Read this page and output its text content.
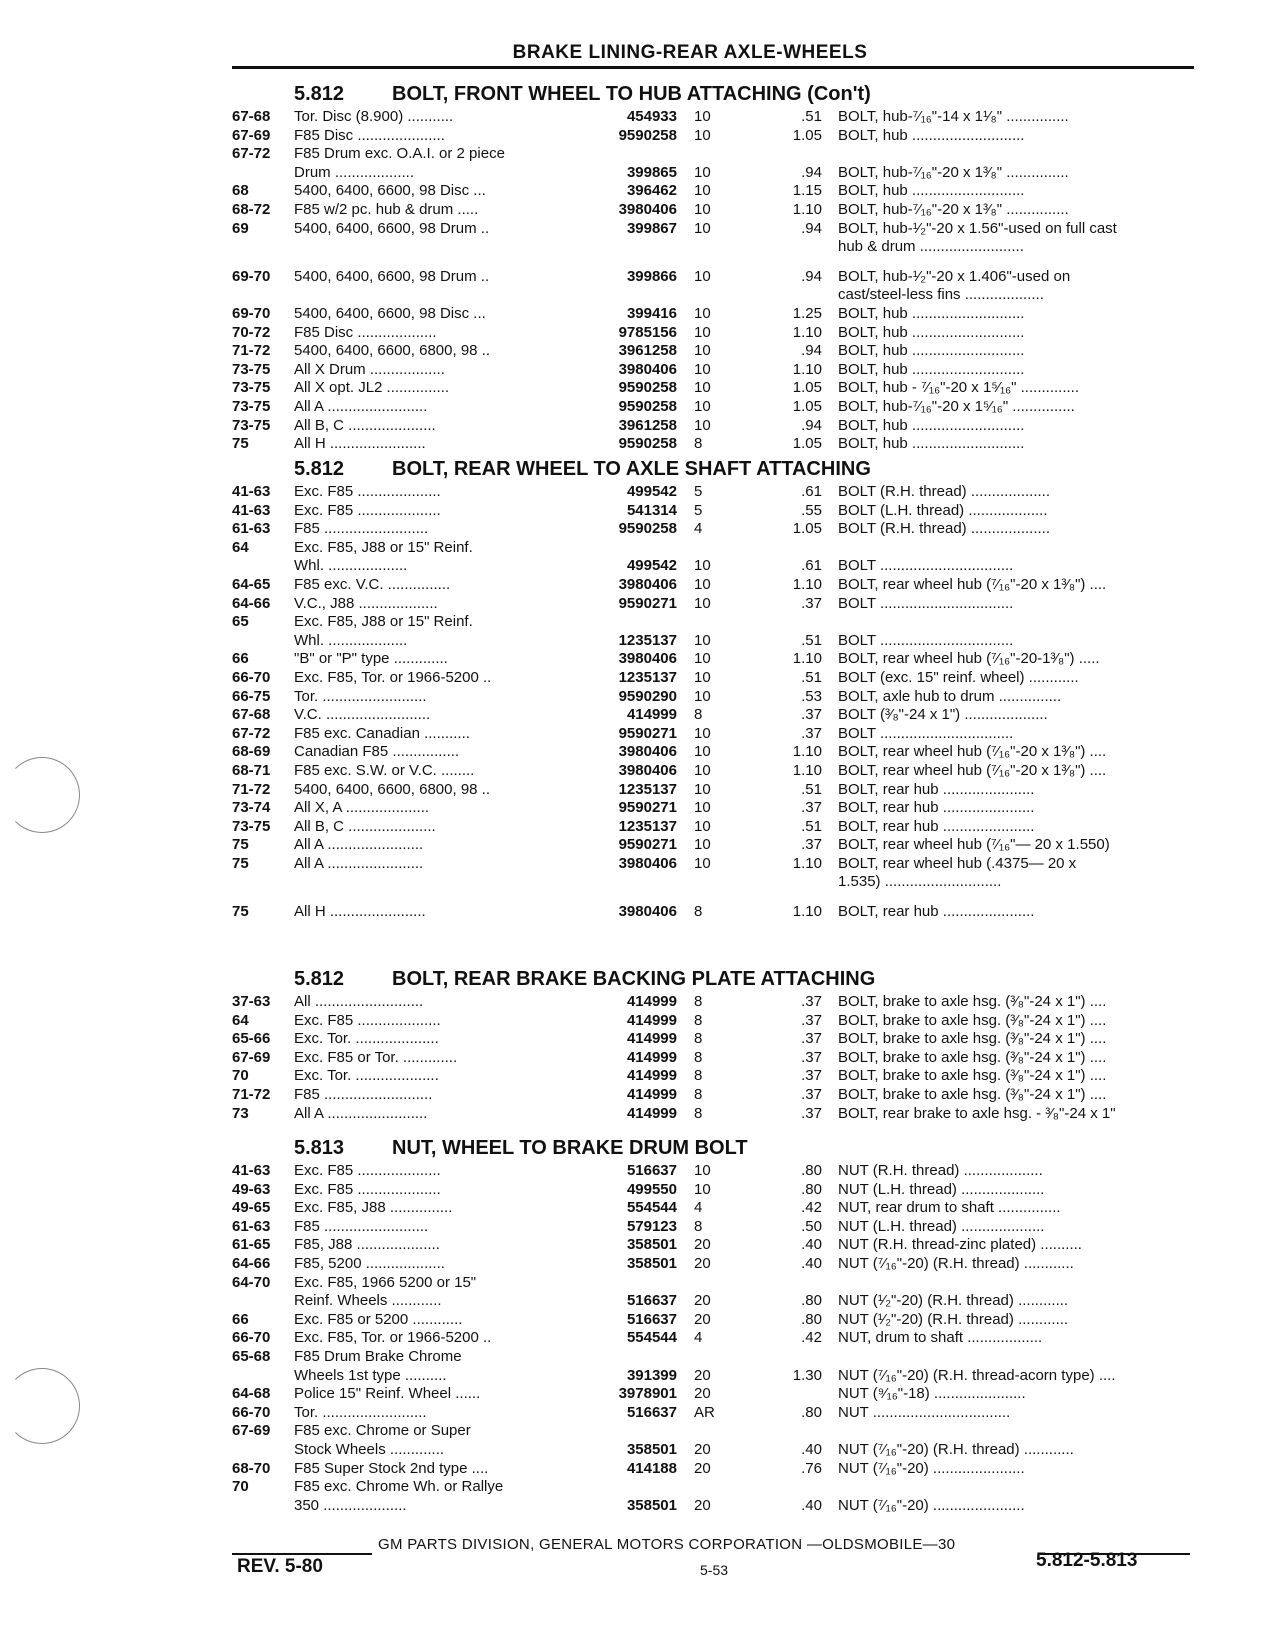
BRAKE LINING-REAR AXLE-WHEELS
5.812 BOLT, FRONT WHEEL TO HUB ATTACHING (Con't)
67-68	Tor. Disc (8.900) ...........	454933 10	.51 BOLT, hub-⁷⁄₁₆"-14 x 1¹⁄₈" ...............
67-69	F85 Disc .....................	9590258 10	1.05 BOLT, hub ...........................
67-72	F85 Drum exc. O.A.I. or 2 piece
Drum ...................	399865 10	.94 BOLT, hub-⁷⁄₁₆"-20 x 1³⁄₈" ...............
68	5400, 6400, 6600, 98 Disc ...	396462 10	1.15 BOLT, hub ...........................
68-72	F85 w/2 pc. hub & drum .....	3980406 10	1.10 BOLT, hub-⁷⁄₁₆"-20 x 1³⁄₈" ...............
69	5400, 6400, 6600, 98 Drum ..	399867 10	.94 BOLT, hub-¹⁄₂"-20 x 1.56"-used on full cast
hub & drum .........................
69-70	5400, 6400, 6600, 98 Drum ..	399866 10	.94 BOLT, hub-¹⁄₂"-20 x 1.406"-used on
cast/steel-less fins ...................
69-70	5400, 6400, 6600, 98 Disc ...	399416 10	1.25 BOLT, hub ...........................
70-72	F85 Disc ...................	9785156 10	1.10 BOLT, hub ...........................
71-72	5400, 6400, 6600, 6800, 98 ..	3961258 10	.94 BOLT, hub ...........................
73-75	All X Drum ..................	3980406 10	1.10 BOLT, hub ...........................
73-75	All X opt. JL2 ...............	9590258 10	1.05 BOLT, hub - ⁷⁄₁₆"-20 x 1⁵⁄₁₆" ..............
73-75	All A ........................	9590258 10	1.05 BOLT, hub-⁷⁄₁₆"-20 x 1⁵⁄₁₆" ...............
73-75	All B, C .....................	3961258 10	.94 BOLT, hub ...........................
75	All H .......................	9590258 8	1.05 BOLT, hub ...........................
5.812 BOLT, REAR WHEEL TO AXLE SHAFT ATTACHING
41-63	Exc. F85 ....................	499542 5	.61 BOLT (R.H. thread) ...................
41-63	Exc. F85 ....................	541314 5	.55 BOLT (L.H. thread) ...................
61-63	F85 .........................	9590258 4	1.05 BOLT (R.H. thread) ...................
64	Exc. F85, J88 or 15" Reinf.
Whl. ...................	499542 10	.61 BOLT ................................
64-65	F85 exc. V.C. ...............	3980406 10	1.10 BOLT, rear wheel hub (⁷⁄₁₆"-20 x 1³⁄₈") ....
64-66	V.C., J88 ...................	9590271 10	.37 BOLT ................................
65	Exc. F85, J88 or 15" Reinf.
Whl. ...................	1235137 10	.51 BOLT ................................
66	"B" or "P" type .............	3980406 10	1.10 BOLT, rear wheel hub (⁷⁄₁₆"-20-1³⁄₈") .....
66-70	Exc. F85, Tor. or 1966-5200 ..	1235137 10	.51 BOLT (exc. 15" reinf. wheel) ............
66-75	Tor. .........................	9590290 10	.53 BOLT, axle hub to drum ...............
67-68	V.C. .........................	414999 8	.37 BOLT (³⁄₈"-24 x 1") ....................
67-72	F85 exc. Canadian ...........	9590271 10	.37 BOLT ................................
68-69	Canadian F85 ................	3980406 10	1.10 BOLT, rear wheel hub (⁷⁄₁₆"-20 x 1³⁄₈") ....
68-71	F85 exc. S.W. or V.C. ........	3980406 10	1.10 BOLT, rear wheel hub (⁷⁄₁₆"-20 x 1³⁄₈") ....
71-72	5400, 6400, 6600, 6800, 98 ..	1235137 10	.51 BOLT, rear hub ......................
73-74	All X, A ....................	9590271 10	.37 BOLT, rear hub ......................
73-75	All B, C .....................	1235137 10	.51 BOLT, rear hub ......................
75	All A .......................	9590271 10	.37 BOLT, rear wheel hub (⁷⁄₁₆"— 20 x 1.550)
75	All A .......................	3980406 10	1.10 BOLT, rear wheel hub (.4375— 20 x
1.535) ............................
75	All H .......................	3980406 8	1.10 BOLT, rear hub ......................
5.812 BOLT, REAR BRAKE BACKING PLATE ATTACHING
37-63	All ..........................	414999 8	.37 BOLT, brake to axle hsg. (³⁄₈"-24 x 1") ....
64	Exc. F85 ....................	414999 8	.37 BOLT, brake to axle hsg. (³⁄₈"-24 x 1") ....
65-66	Exc. Tor. ....................	414999 8	.37 BOLT, brake to axle hsg. (³⁄₈"-24 x 1") ....
67-69	Exc. F85 or Tor. .............	414999 8	.37 BOLT, brake to axle hsg. (³⁄₈"-24 x 1") ....
70	Exc. Tor. ....................	414999 8	.37 BOLT, brake to axle hsg. (³⁄₈"-24 x 1") ....
71-72	F85 ..........................	414999 8	.37 BOLT, brake to axle hsg. (³⁄₈"-24 x 1") ....
73	All A ........................	414999 8	.37 BOLT, rear brake to axle hsg. - ³⁄₈"-24 x 1"
5.813 NUT, WHEEL TO BRAKE DRUM BOLT
41-63	Exc. F85 ....................	516637 10	.80 NUT (R.H. thread) ...................
49-63	Exc. F85 ....................	499550 10	.80 NUT (L.H. thread) ....................
49-65	Exc. F85, J88 ...............	554544 4	.42 NUT, rear drum to shaft ...............
61-63	F85 .........................	579123 8	.50 NUT (L.H. thread) ....................
61-65	F85, J88 ....................	358501 20	.40 NUT (R.H. thread-zinc plated) ..........
64-66	F85, 5200 ...................	358501 20	.40 NUT (⁷⁄₁₆"-20) (R.H. thread) ............
64-70	Exc. F85, 1966 5200 or 15"
Reinf. Wheels ............	516637 20	.80 NUT (¹⁄₂"-20) (R.H. thread) ............
66	Exc. F85 or 5200 ............	516637 20	.80 NUT (¹⁄₂"-20) (R.H. thread) ............
66-70	Exc. F85, Tor. or 1966-5200 ..	554544 4	.42 NUT, drum to shaft ..................
65-68	F85 Drum Brake Chrome
Wheels 1st type ..........	391399 20	1.30 NUT (⁷⁄₁₆"-20) (R.H. thread-acorn type) ....
64-68	Police 15" Reinf. Wheel ......	3978901 20	NUT (⁹⁄₁₆"-18) ......................
66-70	Tor. .........................	516637 AR	.80 NUT .................................
67-69	F85 exc. Chrome or Super
Stock Wheels .............	358501 20	.40 NUT (⁷⁄₁₆"-20) (R.H. thread) ............
68-70	F85 Super Stock 2nd type ....	414188 20	.76 NUT (⁷⁄₁₆"-20) ......................
70	F85 exc. Chrome Wh. or Rallye
350 ....................	358501 20	.40 NUT (⁷⁄₁₆"-20) ......................
GM PARTS DIVISION, GENERAL MOTORS CORPORATION —OLDSMOBILE—30
REV. 5-80	5-53	5.812-5.813
